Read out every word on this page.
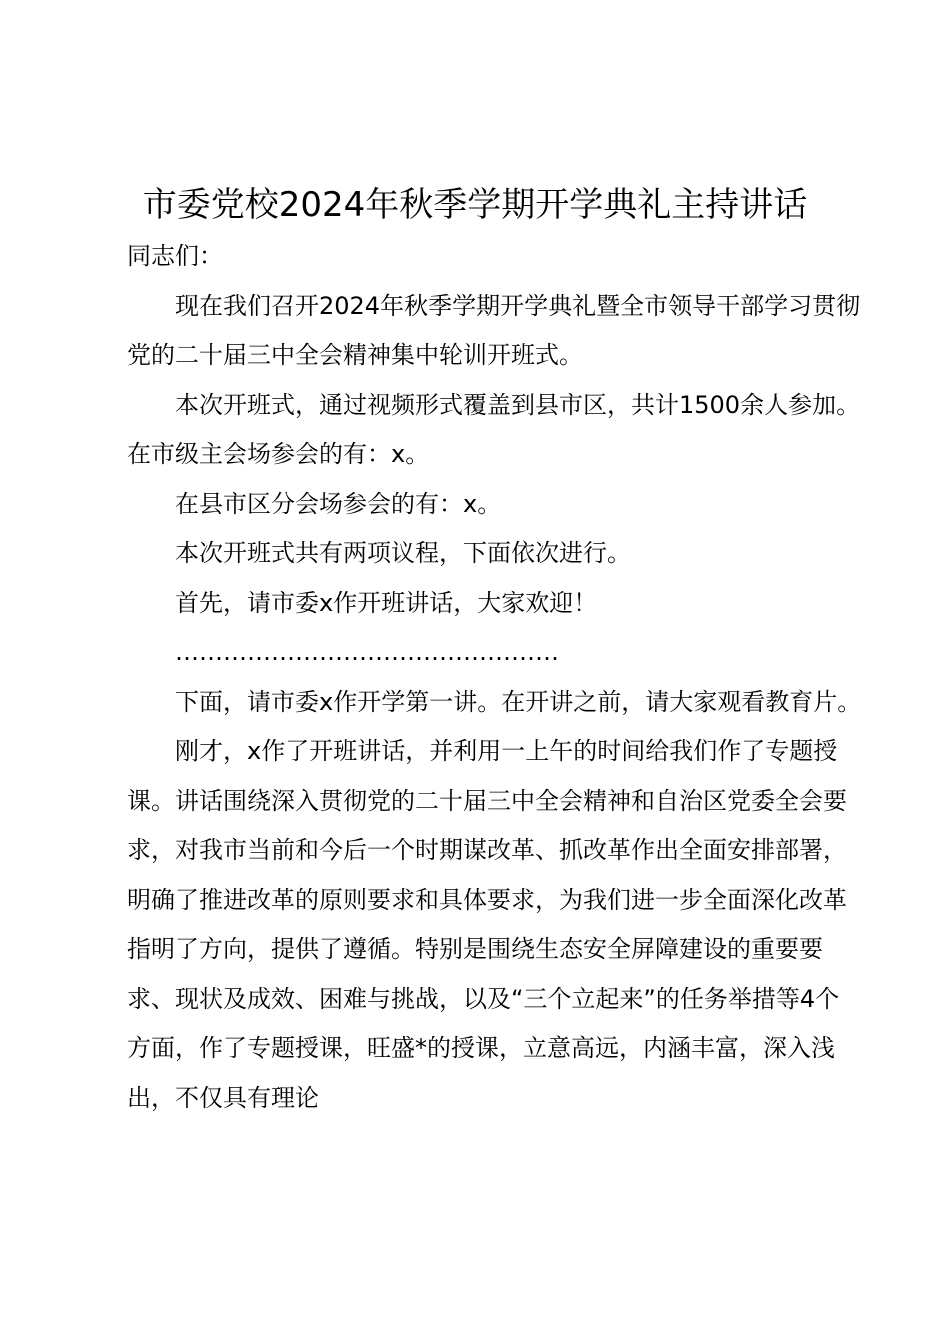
市委党校2024年秋季学期开学典礼主持讲话

同志们：

现在我们召开2024年秋季学期开学典礼暨全市领导干部学习贯彻党的二十届三中全会精神集中轮训开班式。

本次开班式，通过视频形式覆盖到县市区，共计1500余人参加。在市级主会场参会的有：x。

在县市区分会场参会的有：x。

本次开班式共有两项议程，下面依次进行。

首先，请市委x作开班讲话，大家欢迎！

…………………………………………

下面，请市委x作开学第一讲。在开讲之前，请大家观看教育片。

刚才，x作了开班讲话，并利用一上午的时间给我们作了专题授课。讲话围绕深入贯彻党的二十届三中全会精神和自治区党委全会要求，对我市当前和今后一个时期谋改革、抓改革作出全面安排部署，明确了推进改革的原则要求和具体要求，为我们进一步全面深化改革指明了方向，提供了遵循。特别是围绕生态安全屏障建设的重要要求、现状及成效、困难与挑战，以及“三个立起来”的任务举措等4个方面，作了专题授课，旺盛*的授课，立意高远，内涵丰富，深入浅出，不仅具有理论
